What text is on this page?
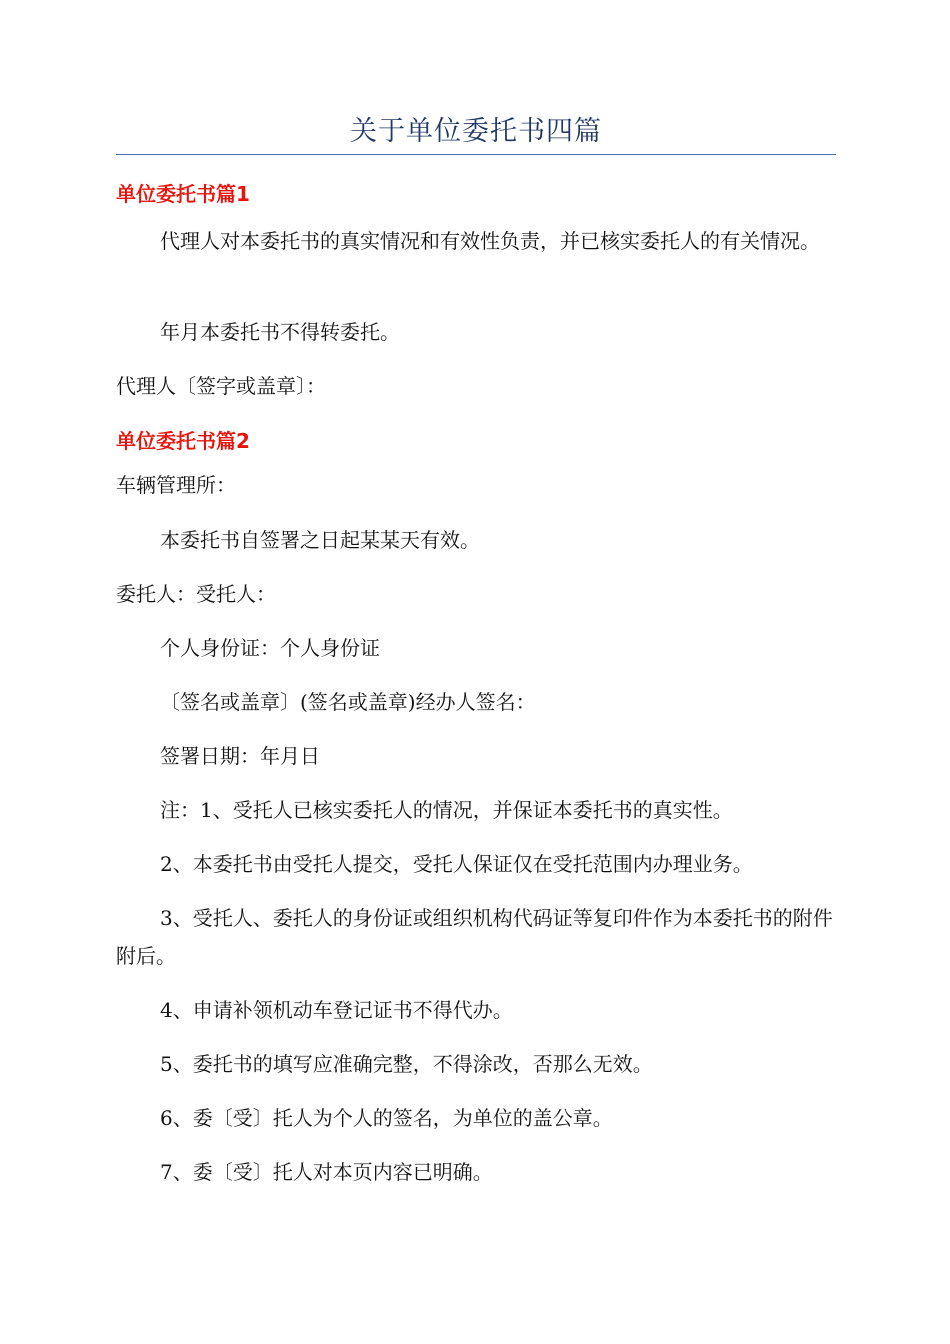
关于单位委托书四篇
单位委托书篇1

代理人对本委托书的真实情况和有效性负责，并已核实委托人的有关情况。

年月本委托书不得转委托。

代理人〔签字或盖章〕：

单位委托书篇2

车辆管理所：

本委托书自签署之日起某某天有效。

委托人：受托人：

个人身份证：个人身份证

〔签名或盖章〕(签名或盖章)经办人签名：

签署日期：年月日

注：1、受托人已核实委托人的情况，并保证本委托书的真实性。

2、本委托书由受托人提交，受托人保证仅在受托范围内办理业务。

3、受托人、委托人的身份证或组织机构代码证等复印件作为本委托书的附件附后。

4、申请补领机动车登记证书不得代办。

5、委托书的填写应准确完整，不得涂改，否那么无效。

6、委〔受〕托人为个人的签名，为单位的盖公章。

7、委〔受〕托人对本页内容已明确。
